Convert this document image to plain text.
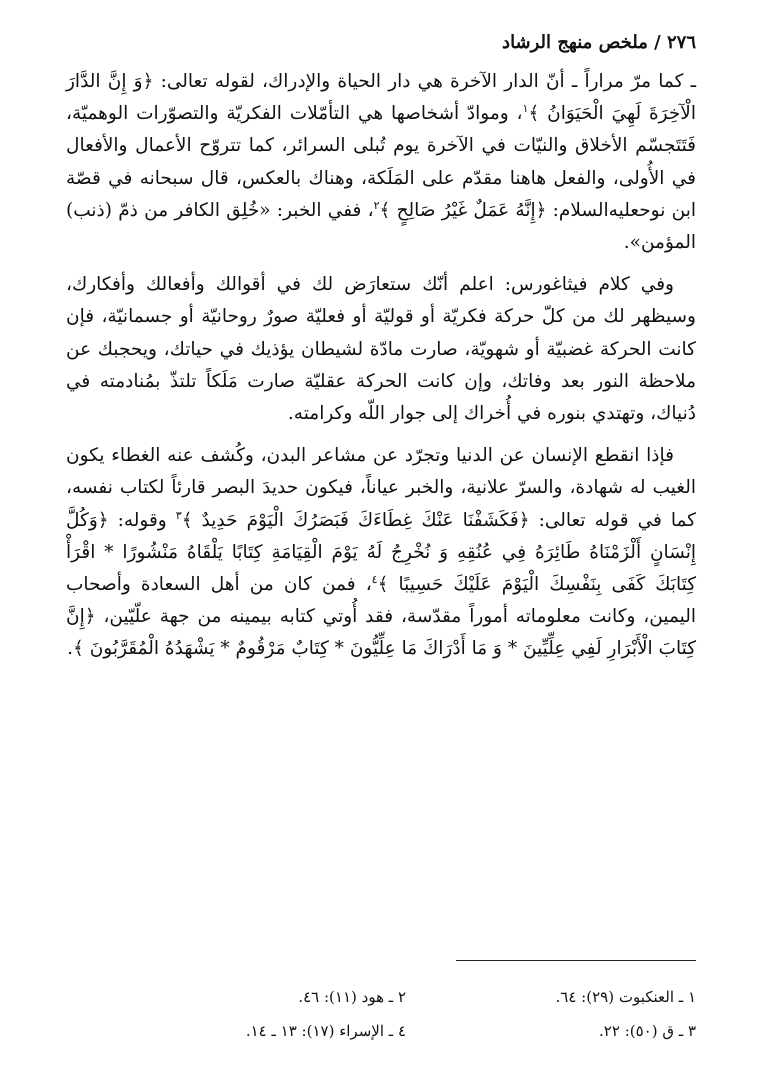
٢٧٦ / ملخص منهج الرشاد

ـ كما مرّ مراراً ـ أنّ الدار الآخرة هي دار الحياة والإدراك، لقوله تعالى: ﴿وَ إِنَّ الدَّارَ الْآخِرَةَ لَهِيَ الْحَيَوَانُ ﴾$^١$، وموادّ أشخاصها هي التأمّلات الفكريّة والتصوّرات الوهميّة، فَتَتَجسّم الأخلاق والنيّات في الآخرة يوم تُبلى السرائر، كما تتروّح الأعمال والأفعال في الأُولى، والفعل هاهنا مقدّم على المَلَكة، وهناك بالعكس، قال سبحانه في قصّة ابن نوحعليه‌السلام: ﴿إِنَّهُ عَمَلٌ غَيْرُ صَالِحٍ ﴾$^٢$، ففي الخبر: «خُلِق الكافر من ذمّ (ذنب) المؤمن».

وفي كلام فيثاغورس: اعلم أنّك ستعارَض لك في أقوالك وأفعالك وأفكارك، وسيظهر لك من كلّ حركة فكريّة أو قوليّة أو فعليّة صورٌ روحانيّة أو جسمانيّة، فإن كانت الحركة غضبيّة أو شهويّة، صارت مادّة لشيطان يؤذيك في حياتك، ويحجبك عن ملاحظة النور بعد وفاتك، وإن كانت الحركة عقليّة صارت مَلَكاً تلتذّ بمُنادمته في دُنياك، وتهتدي بنوره في أُخراك إلى جوار اللّه وكرامته.

فإذا انقطع الإنسان عن الدنيا وتجرّد عن مشاعر البدن، وكُشف عنه الغطاء يكون الغيب له شهادة، والسرّ علانية، والخبر عياناً، فيكون حديدَ البصر قارئاً لكتاب نفسه، كما في قوله تعالى: ﴿فَكَشَفْنَا عَنْكَ غِطَاءَكَ فَبَصَرُكَ الْيَوْمَ حَدِيدٌ ﴾$^٣$ وقوله: ﴿وَكُلَّ إِنْسَانٍ أَلْزَمْنَاهُ طَائِرَهُ فِي عُنُقِهِ وَ نُخْرِجُ لَهُ يَوْمَ الْقِيَامَةِ كِتَابًا يَلْقَاهُ مَنْشُورًا * اقْرَأْ كِتَابَكَ كَفَى بِنَفْسِكَ الْيَوْمَ عَلَيْكَ حَسِيبًا ﴾$^٤$، فمن كان من أهل السعادة وأصحاب اليمين، وكانت معلوماته أموراً مقدّسة، فقد أُوتي كتابه بيمينه من جهة علّيّين، ﴿إِنَّ كِتَابَ الْأَبْرَارِ لَفِي عِلِّيِّينَ * وَ مَا أَدْرَاكَ مَا عِلِّيُّونَ * كِتَابٌ مَرْقُومٌ * يَشْهَدُهُ الْمُقَرَّبُونَ ﴾.

١ ـ العنكبوت (٢٩): ٦٤.
٢ ـ هود (١١): ٤٦.
٣ ـ ق (٥٠): ٢٢.
٤ ـ الإسراء (١٧): ١٣ ـ ١٤.
